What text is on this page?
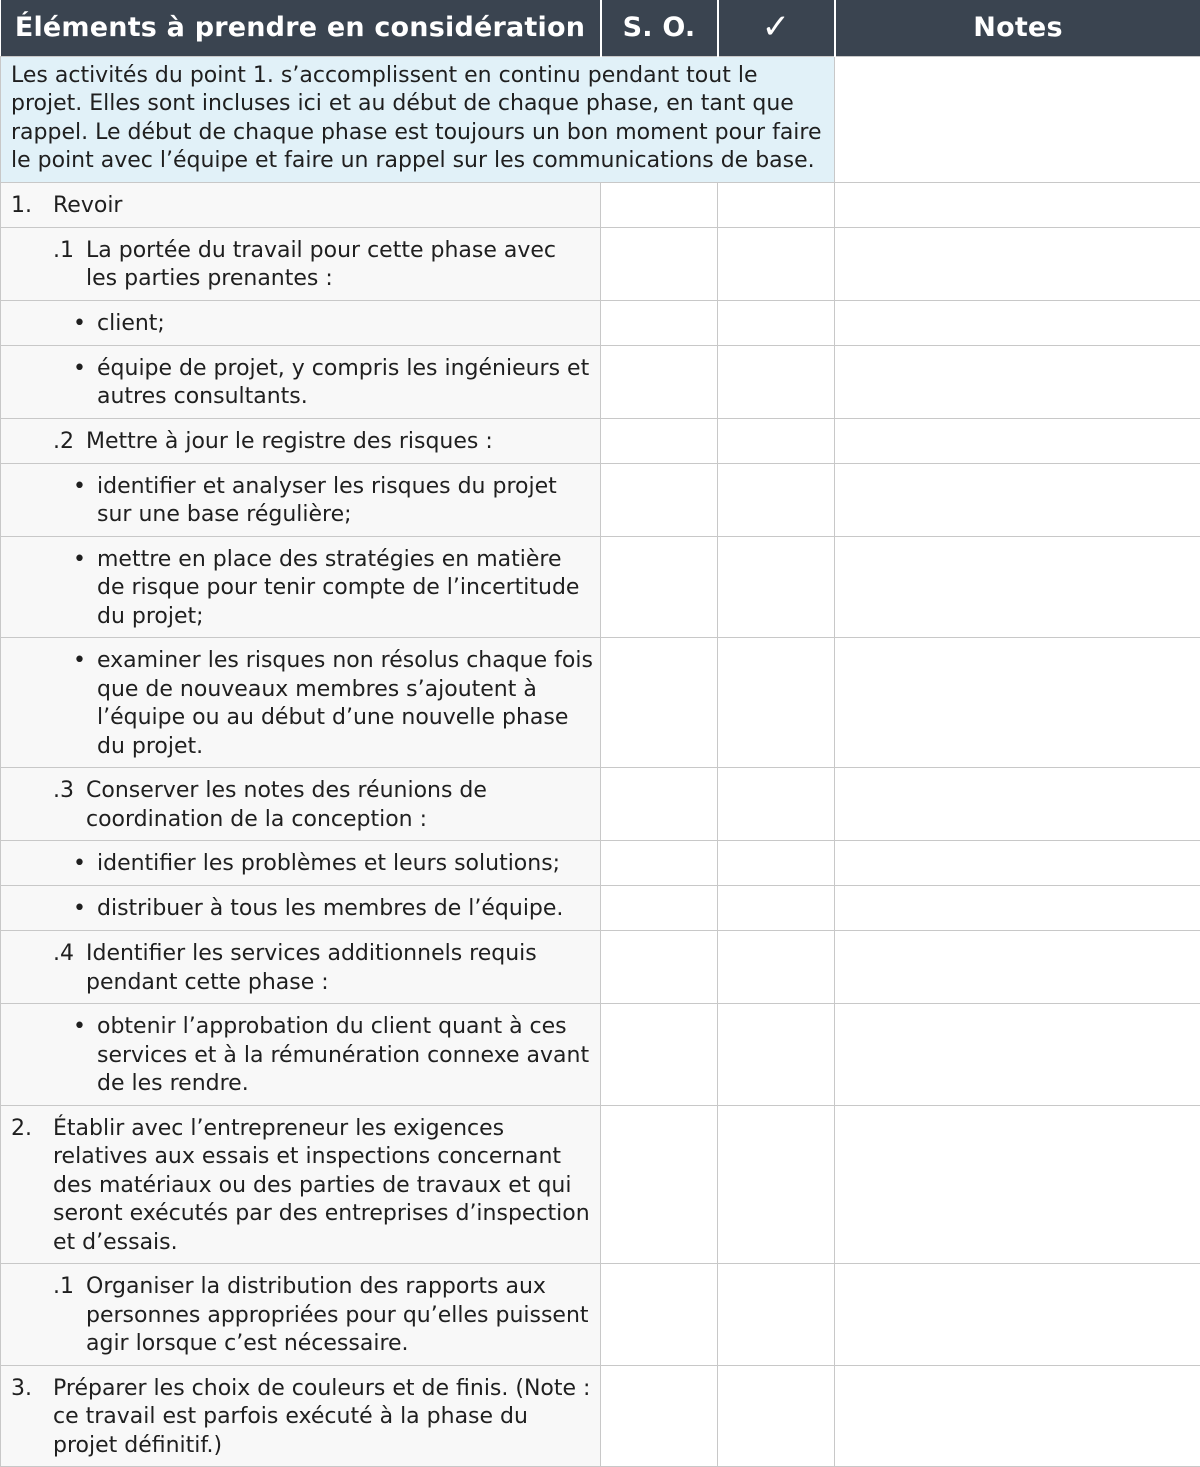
Éléments à prendre en considération	S. O.	✓	Notes
Les activités du point 1. s’accomplissent en continu pendant tout le projet. Elles sont incluses ici et au début de chaque phase, en tant que rappel. Le début de chaque phase est toujours un bon moment pour faire le point avec l’équipe et faire un rappel sur les communications de base.			

1. Revoir			

.1 La portée du travail pour cette phase avec les parties prenantes :			

• client;			

• équipe de projet, y compris les ingénieurs et autres consultants.			

.2 Mettre à jour le registre des risques :			

• identifier et analyser les risques du projet sur une base régulière;			

• mettre en place des stratégies en matière de risque pour tenir compte de l’incertitude du projet;			

• examiner les risques non résolus chaque fois que de nouveaux membres s’ajoutent à l’équipe ou au début d’une nouvelle phase du projet.			

.3 Conserver les notes des réunions de coordination de la conception :			

• identifier les problèmes et leurs solutions;			

• distribuer à tous les membres de l’équipe.			

.4 Identifier les services additionnels requis pendant cette phase :			

• obtenir l’approbation du client quant à ces services et à la rémunération connexe avant de les rendre.			

2. Établir avec l’entrepreneur les exigences relatives aux essais et inspections concernant des matériaux ou des parties de travaux et qui seront exécutés par des entreprises d’inspection et d’essais.			

.1 Organiser la distribution des rapports aux personnes appropriées pour qu’elles puissent agir lorsque c’est nécessaire.			

3. Préparer les choix de couleurs et de finis. (Note : ce travail est parfois exécuté à la phase du projet définitif.)			
